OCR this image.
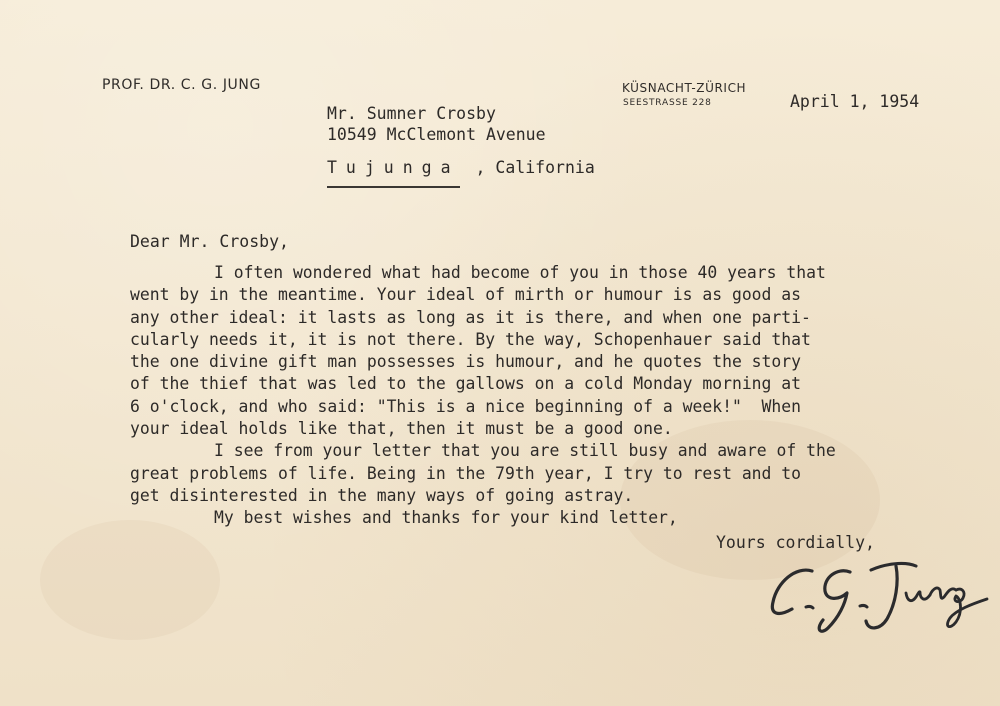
PROF. DR. C. G. JUNG	KÜSNACHT-ZÜRICH
SEESTRASSE 228	April 1, 1954
Mr. Sumner Crosby
10549 McClemont Avenue
Tujunga , California
Dear Mr. Crosby,
I often wondered what had become of you in those 40 years that
went by in the meantime. Your ideal of mirth or humour is as good as
any other ideal: it lasts as long as it is there, and when one parti-
cularly needs it, it is not there. By the way, Schopenhauer said that
the one divine gift man possesses is humour, and he quotes the story
of the thief that was led to the gallows on a cold Monday morning at
6 o'clock, and who said: "This is a nice beginning of a week!"  When
your ideal holds like that, then it must be a good one.
I see from your letter that you are still busy and aware of the
great problems of life. Being in the 79th year, I try to rest and to
get disinterested in the many ways of going astray.
My best wishes and thanks for your kind letter,
Yours cordially,
